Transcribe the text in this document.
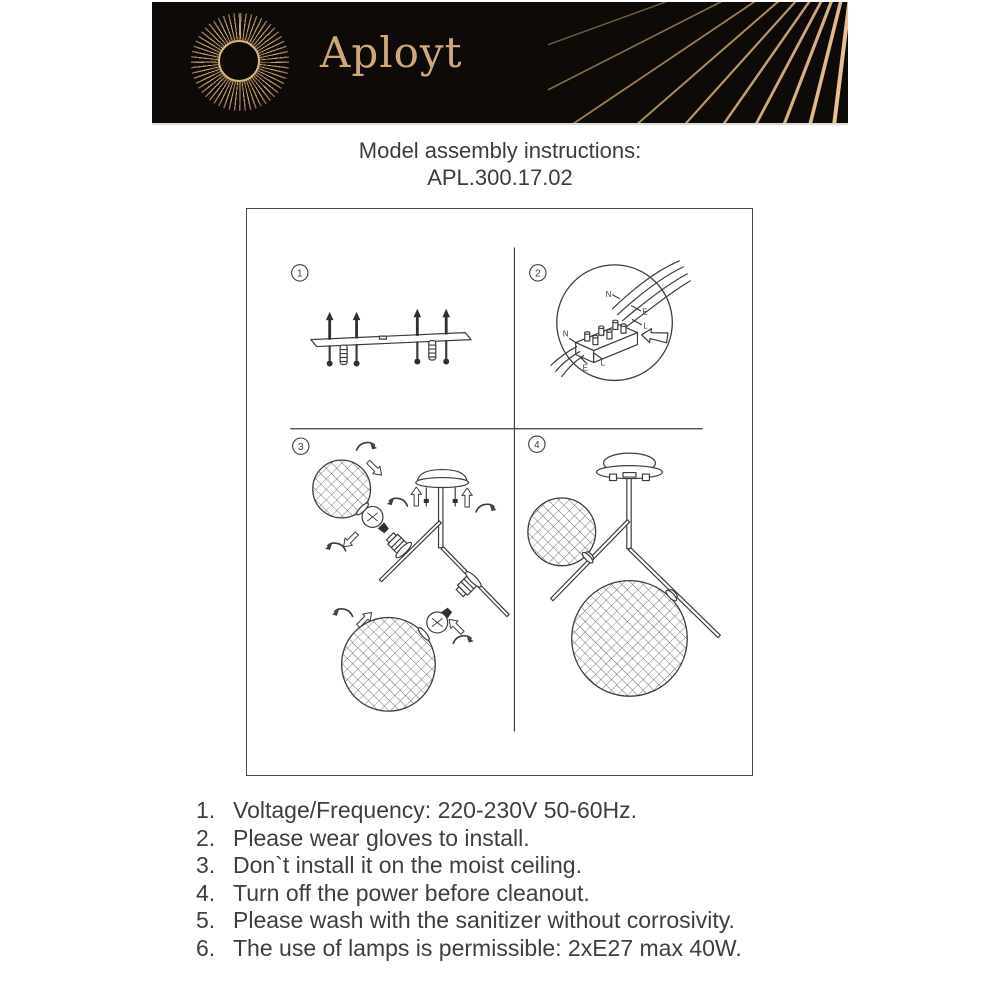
Aployt
Model assembly instructions:
APL.300.17.02
N
E
L
N
E
L
1	2
3	4
1. Voltage/Frequency: 220-230V 50-60Hz.
2. Please wear gloves to install.
3. Don`t install it on the moist ceiling.
4. Turn off the power before cleanout.
5. Please wash with the sanitizer without corrosivity.
6. The use of lamps is permissible: 2xE27 max 40W.
